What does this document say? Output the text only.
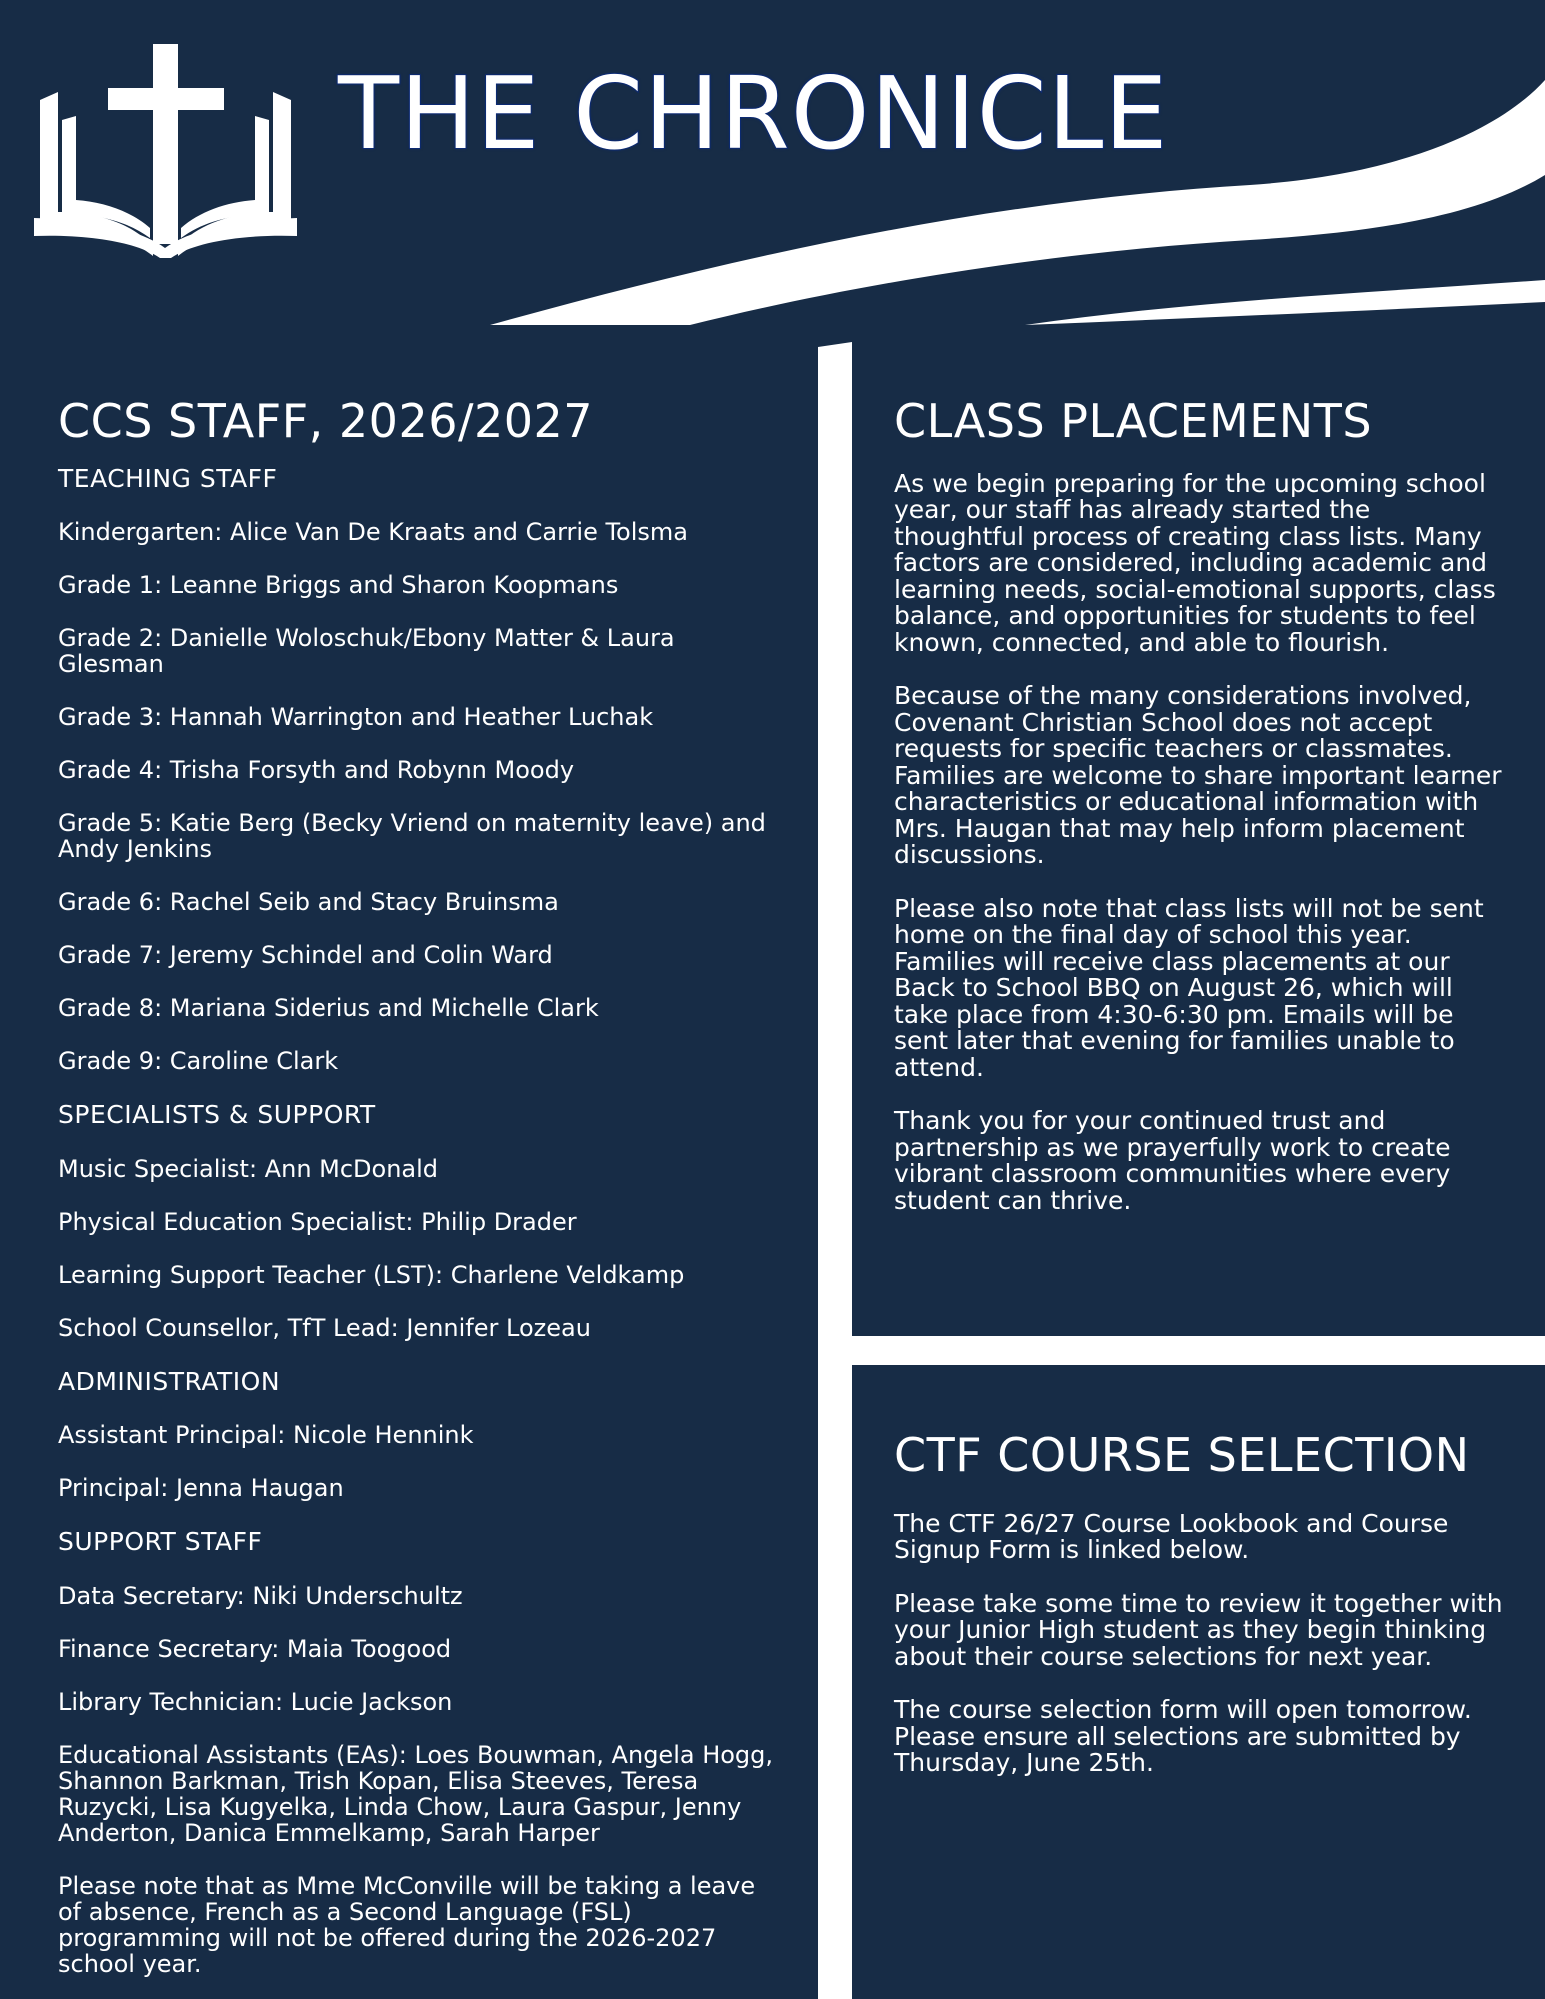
THE CHRONICLE
CCS STAFF, 2026/2027

TEACHING STAFF

Kindergarten: Alice Van De Kraats and Carrie Tolsma

Grade 1: Leanne Briggs and Sharon Koopmans

Grade 2: Danielle Woloschuk/Ebony Matter & Laura Glesman

Grade 3: Hannah Warrington and Heather Luchak

Grade 4: Trisha Forsyth and Robynn Moody

Grade 5: Katie Berg (Becky Vriend on maternity leave) and Andy Jenkins

Grade 6: Rachel Seib and Stacy Bruinsma

Grade 7: Jeremy Schindel and Colin Ward

Grade 8: Mariana Siderius and Michelle Clark

Grade 9: Caroline Clark

SPECIALISTS & SUPPORT

Music Specialist: Ann McDonald

Physical Education Specialist: Philip Drader

Learning Support Teacher (LST): Charlene Veldkamp

School Counsellor, TfT Lead: Jennifer Lozeau

ADMINISTRATION

Assistant Principal: Nicole Hennink

Principal: Jenna Haugan

SUPPORT STAFF

Data Secretary: Niki Underschultz

Finance Secretary: Maia Toogood

Library Technician: Lucie Jackson

Educational Assistants (EAs): Loes Bouwman, Angela Hogg, Shannon Barkman, Trish Kopan, Elisa Steeves, Teresa Ruzycki, Lisa Kugyelka, Linda Chow, Laura Gaspur, Jenny Anderton, Danica Emmelkamp, Sarah Harper

Please note that as Mme McConville will be taking a leave of absence, French as a Second Language (FSL) programming will not be offered during the 2026-2027 school year.

CLASS PLACEMENTS

As we begin preparing for the upcoming school year, our staff has already started the thoughtful process of creating class lists. Many factors are considered, including academic and learning needs, social-emotional supports, class balance, and opportunities for students to feel known, connected, and able to flourish.

Because of the many considerations involved, Covenant Christian School does not accept requests for specific teachers or classmates. Families are welcome to share important learner characteristics or educational information with Mrs. Haugan that may help inform placement discussions.

Please also note that class lists will not be sent home on the final day of school this year. Families will receive class placements at our Back to School BBQ on August 26, which will take place from 4:30-6:30 pm. Emails will be sent later that evening for families unable to attend.

Thank you for your continued trust and partnership as we prayerfully work to create vibrant classroom communities where every student can thrive.

CTF COURSE SELECTION

The CTF 26/27 Course Lookbook and Course Signup Form is linked below.

Please take some time to review it together with your Junior High student as they begin thinking about their course selections for next year.

The course selection form will open tomorrow. Please ensure all selections are submitted by Thursday, June 25th.
